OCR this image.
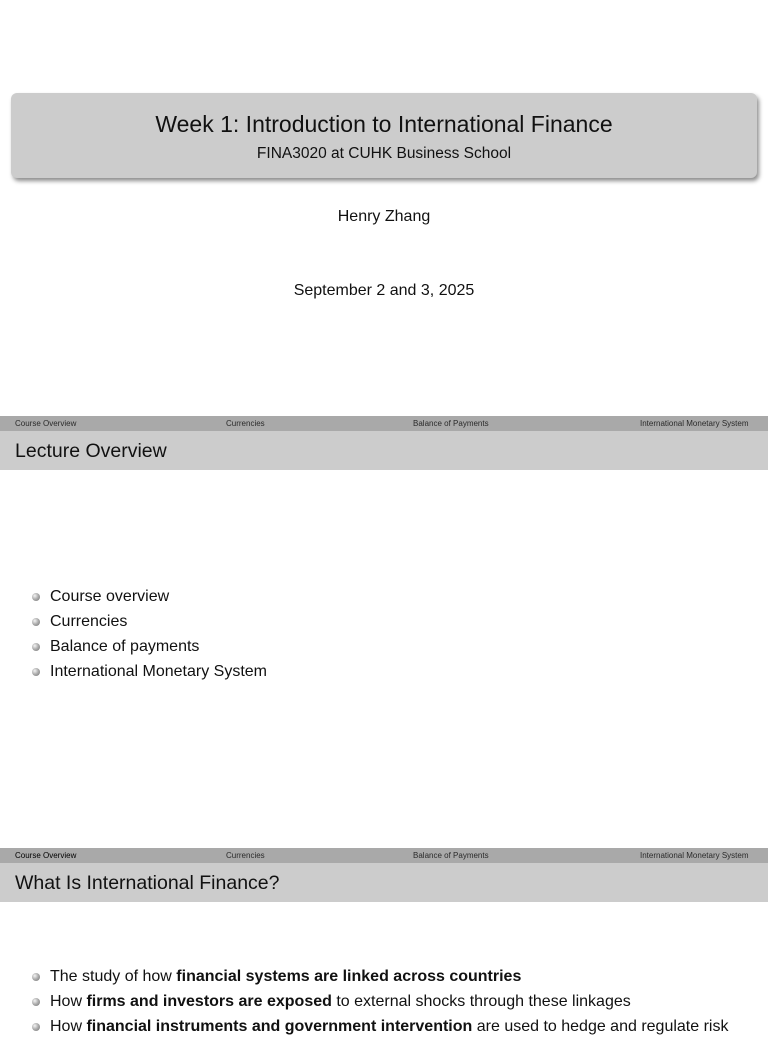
Week 1: Introduction to International Finance
FINA3020 at CUHK Business School
Henry Zhang
September 2 and 3, 2025
Course Overview	Currencies	Balance of Payments	International Monetary System
Lecture Overview
Course overview
Currencies
Balance of payments
International Monetary System
Course Overview	Currencies	Balance of Payments	International Monetary System
What Is International Finance?
The study of how financial systems are linked across countries
How firms and investors are exposed to external shocks through these linkages
How financial instruments and government intervention are used to hedge and regulate risk
